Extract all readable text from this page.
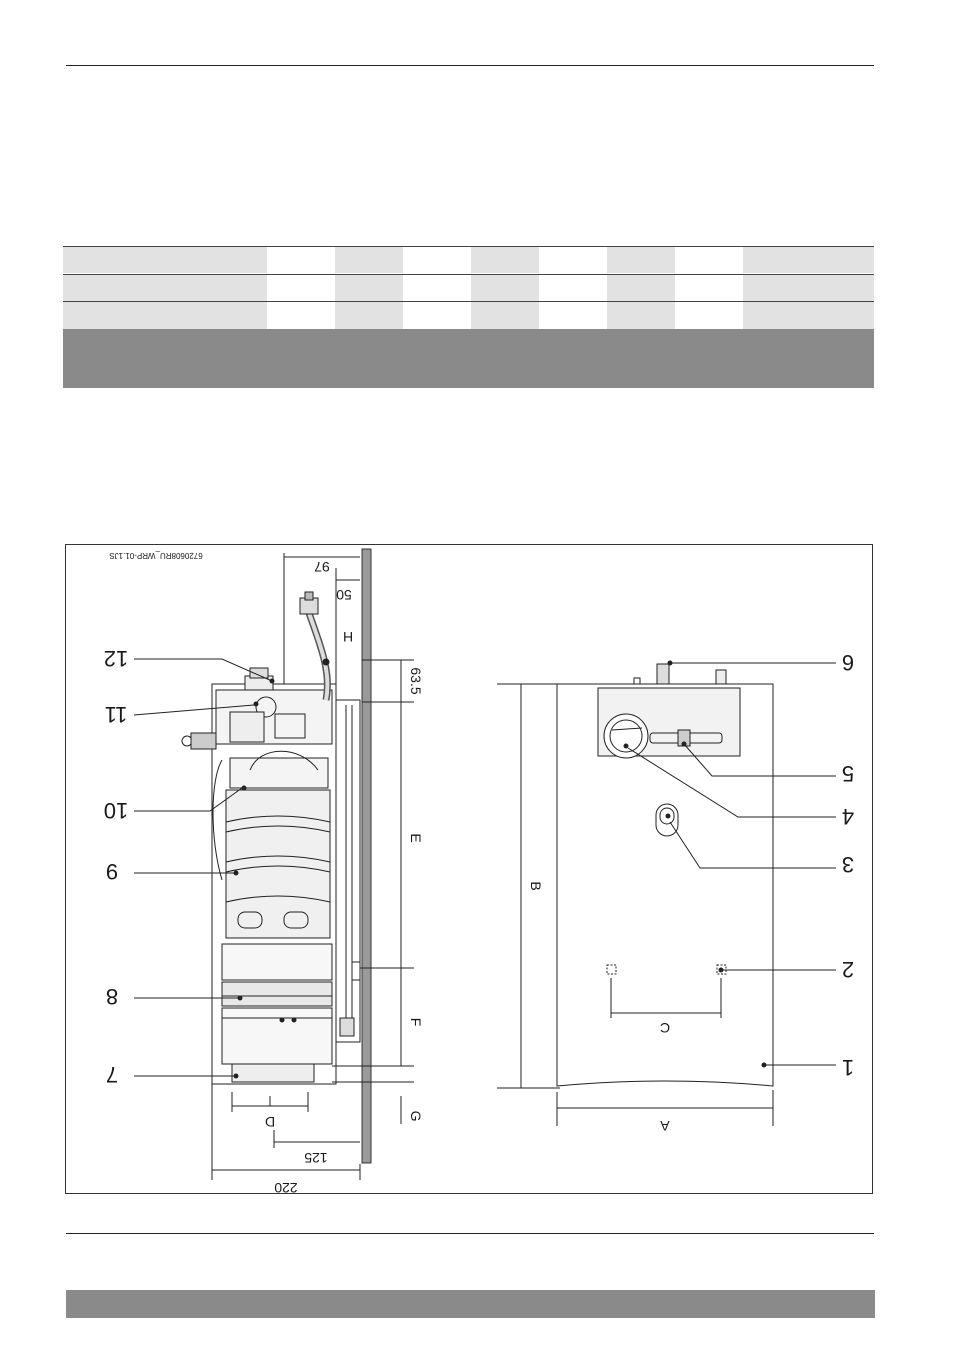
1
2
3
4
5
6
7
8
9
10
11
12
A
B
C
D
E
F
G
H
220
125
97
50
63.5
6720608RU_WRP-01.1JS
